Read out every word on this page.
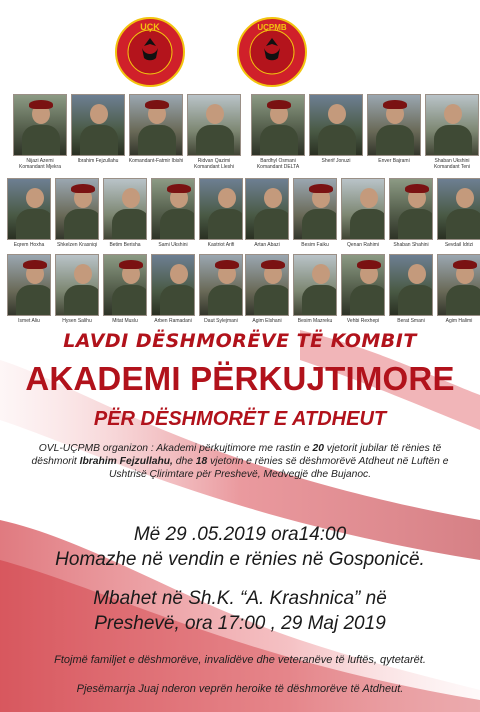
UÇK	UÇPMB
Nijazi Azemi
Komandant Mjekra
Ibrahim Fejzullahu	Komandant-Fatmir Ibishi	Ridvan Qazimi
Komandant Lleshi
Eqrem Hoxha	Shkelzen Krasniqi	Betim Berisha	Sami Ukshini	Kastriot Arifi
Ismet Aliu	Hysen Salihu	Mitat Muslu	Arben Ramadani	Daut Sylejmani
Bardhyl Osmani
Komandant DELTA
Sherif Jonuzi	Enver Bajrami	Shaban Ukshini
Komandant Teni
Artan Abazi	Besim Faiku	Qenan Rahimi	Shaban Shahini	Sevdail Idrizi
Agim Elshani	Besim Mazreku	Vehbi Rexhepi	Berat Smani	Agim Halimi
LAVDI DËSHMORËVE TË KOMBIT
AKADEMI PËRKUJTIMORE
PËR DËSHMORËT E ATDHEUT
OVL-UÇPMB organizon : Akademi përkujtimore me rastin e 20 vjetorit jubilar të rënies të dëshmorit Ibrahim Fejzullahu, dhe 18 vjetorin e rënies së dëshmorëvë Atdheut në Luftën e Ushtrisë Çlirimtare për Preshevë, Medvegjë dhe Bujanoc.
Më 29 .05.2019 ora14:00
Homazhe në vendin e rënies në Gosponicë.
Mbahet në Sh.K. “A. Krashnica” në
Preshevë, ora 17:00 , 29 Maj 2019
Ftojmë familjet e dëshmorëve, invalidëve dhe veteranëve të luftës, qytetarët.
Pjesëmarrja Juaj nderon veprën heroike të dëshmorëve të Atdheut.
